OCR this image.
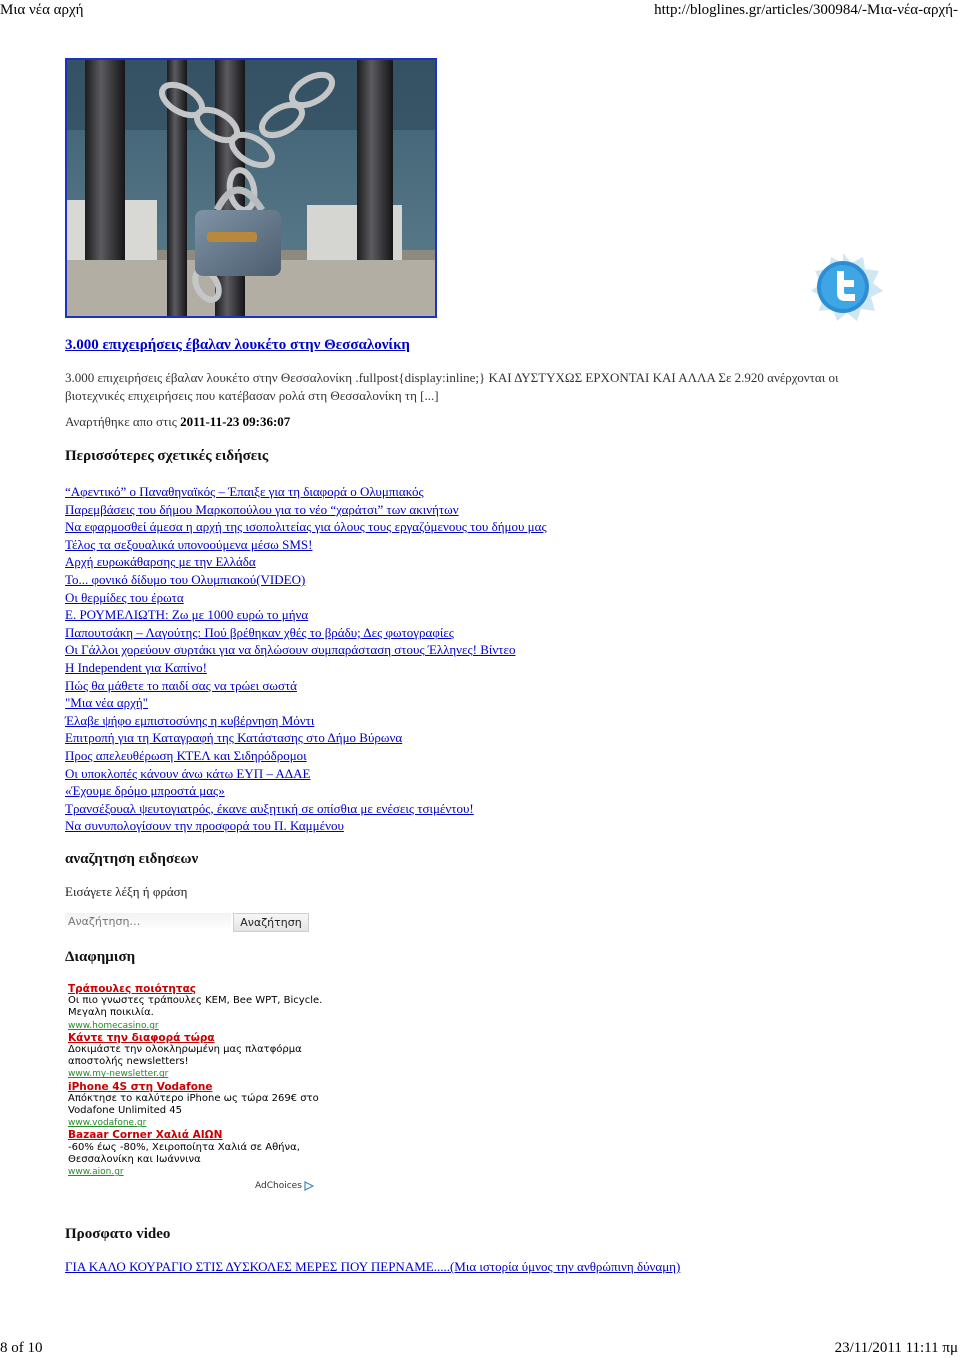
Μια νέα αρχή	http://bloglines.gr/articles/300984/-Μια-νέα-αρχή-
3.000 επιχειρήσεις έβαλαν λουκέτο στην Θεσσαλονίκη
3.000 επιχειρήσεις έβαλαν λουκέτο στην Θεσσαλονίκη .fullpost{display:inline;} ΚΑΙ ΔΥΣΤΥΧΩΣ ΕΡΧΟΝΤΑΙ ΚΑΙ ΑΛΛΑ Σε 2.920 ανέρχονται οι βιοτεχνικές επιχειρήσεις που κατέβασαν ρολά στη Θεσσαλονίκη τη [...]
Αναρτήθηκε απο στις 2011-11-23 09:36:07
Περισσότερες σχετικές ειδήσεις
“Αφεντικό” ο Παναθηναϊκός – Έπαιξε για τη διαφορά ο Ολυμπιακός
Παρεμβάσεις του δήμου Μαρκοπούλου για το νέο “χαράτσι” των ακινήτων
Να εφαρμοσθεί άμεσα η αρχή της ισοπολιτείας για όλους τους εργαζόμενους του δήμου μας
Τέλος τα σεξουαλικά υπονοούμενα μέσω SMS!
Αρχή ευρωκάθαρσης με την Ελλάδα
Το... φονικό δίδυμο του Ολυμπιακού(VIDEO)
Οι θερμίδες του έρωτα
Ε. ΡΟΥΜΕΛΙΩΤΗ: Ζω με 1000 ευρώ το μήνα
Παπουτσάκη – Λαγούτης: Πού βρέθηκαν χθές το βράδυ; Δες φωτογραφίες
Οι Γάλλοι χορεύουν συρτάκι για να δηλώσουν συμπαράσταση στους Έλληνες! Βίντεο
H Independent για Καπίνο!
Πώς θα μάθετε το παιδί σας να τρώει σωστά
"Μια νέα αρχή"
Έλαβε ψήφο εμπιστοσύνης η κυβέρνηση Μόντι
Επιτροπή για τη Καταγραφή της Κατάστασης στο Δήμο Βύρωνα
Προς απελευθέρωση ΚΤΕΛ και Σιδηρόδρομοι
Οι υποκλοπές κάνουν άνω κάτω ΕΥΠ – ΑΔΑΕ
«Έχουμε δρόμο μπροστά μας»
Τρανσέξουαλ ψευτογιατρός, έκανε αυξητική σε οπίσθια με ενέσεις τσιμέντου!
Να συνυπολογίσουν την προσφορά του Π. Καμμένου
αναζητηση ειδησεων
Εισάγετε λέξη ή φράση
Αναζήτηση…
Αναζήτηση
Διαφημιση
Τράπουλες ποιότητας
Οι πιο γνωστες τράπουλες ΚΕΜ, Bee WPT, Bicycle. Μεγαλη ποικιλία.
www.homecasino.gr
Κάντε την διαφορά τώρα
Δοκιμάστε την ολοκληρωμένη μας πλατφόρμα αποστολής newsletters!
www.my-newsletter.gr
iPhone 4S στη Vodafone
Απόκτησε το καλύτερο iPhone ως τώρα 269€ στο Vodafone Unlimited 45
www.vodafone.gr
Bazaar Corner Χαλιά ΑΙΩΝ
-60% έως -80%, Χειροποίητα Χαλιά σε Αθήνα, Θεσσαλονίκη και Ιωάννινα
www.aion.gr
AdChoices
Προσφατο video
ΓΙΑ ΚΑΛΟ ΚΟΥΡΑΓΙΟ ΣΤΙΣ ΔΥΣΚΟΛΕΣ ΜΕΡΕΣ ΠΟΥ ΠΕΡΝΑΜΕ.....(Μια ιστορία ύμνος την ανθρώπινη δύναμη)
8 of 10	23/11/2011 11:11 πμ
